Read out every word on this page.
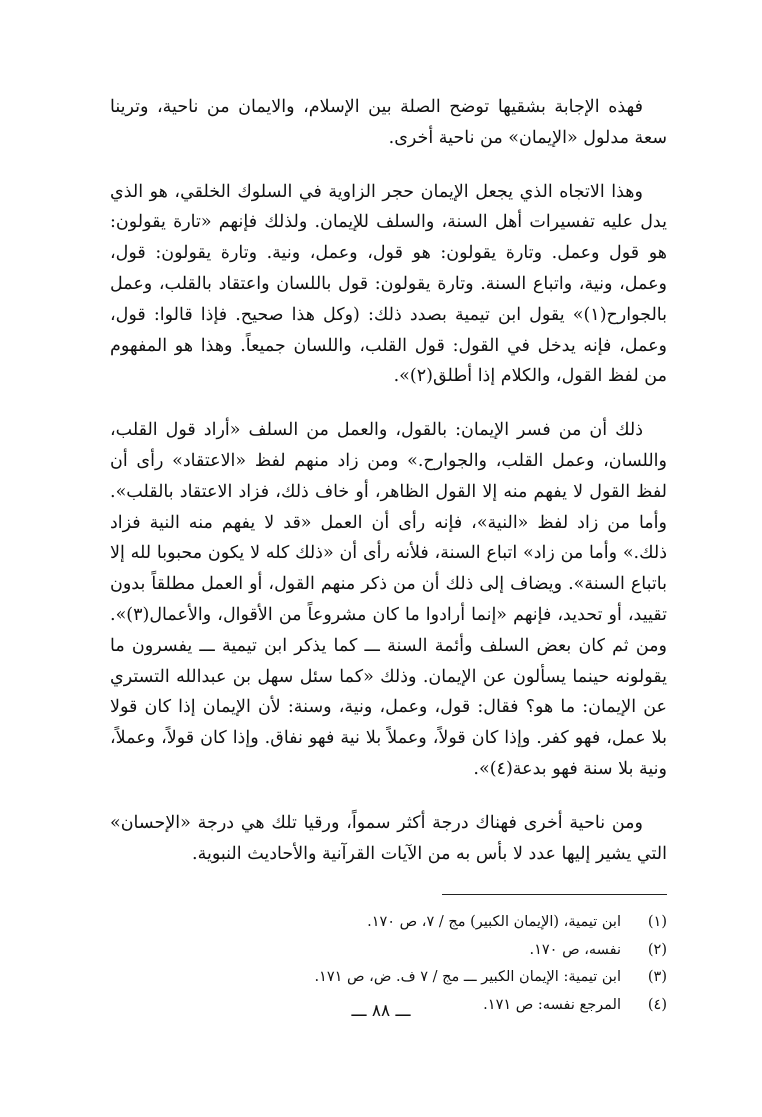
فهذه الإجابة بشقيها توضح الصلة بين الإسلام، والايمان من ناحية، وترينا سعة مدلول «الإيمان» من ناحية أخرى.

وهذا الاتجاه الذي يجعل الإيمان حجر الزاوية في السلوك الخلقي، هو الذي يدل عليه تفسيرات أهل السنة، والسلف للإيمان. ولذلك فإنهم «تارة يقولون: هو قول وعمل. وتارة يقولون: هو قول، وعمل، ونية. وتارة يقولون: قول، وعمل، ونية، واتباع السنة. وتارة يقولون: قول باللسان واعتقاد بالقلب، وعمل بالجوارح(١)» يقول ابن تيمية بصدد ذلك: (وكل هذا صحيح. فإذا قالوا: قول، وعمل، فإنه يدخل في القول: قول القلب، واللسان جميعاً. وهذا هو المفهوم من لفظ القول، والكلام إذا أطلق(٢)».

ذلك أن من فسر الإيمان: بالقول، والعمل من السلف «أراد قول القلب، واللسان، وعمل القلب، والجوارح.» ومن زاد منهم لفظ «الاعتقاد» رأى أن لفظ القول لا يفهم منه إلا القول الظاهر، أو خاف ذلك، فزاد الاعتقاد بالقلب». وأما من زاد لفظ «النية»، فإنه رأى أن العمل «قد لا يفهم منه النية فزاد ذلك.» وأما من زاد» اتباع السنة، فلأنه رأى أن «ذلك كله لا يكون محبوبا لله إلا باتباع السنة». ويضاف إلى ذلك أن من ذكر منهم القول، أو العمل مطلقاً بدون تقييد، أو تحديد، فإنهم «إنما أرادوا ما كان مشروعاً من الأقوال، والأعمال(٣)». ومن ثم كان بعض السلف وأئمة السنة ـــ كما يذكر ابن تيمية ـــ يفسرون ما يقولونه حينما يسألون عن الإيمان. وذلك «كما سئل سهل بن عبدالله التستري عن الإيمان: ما هو؟ فقال: قول، وعمل، ونية، وسنة: لأن الإيمان إذا كان قولا بلا عمل، فهو كفر. وإذا كان قولاً، وعملاً بلا نية فهو نفاق. وإذا كان قولاً، وعملاً، ونية بلا سنة فهو بدعة(٤)».

ومن ناحية أخرى فهناك درجة أكثر سمواً، ورقيا تلك هي درجة «الإحسان» التي يشير إليها عدد لا بأس به من الآيات القرآنية والأحاديث النبوية.

(١)
ابن تيمية، (الإيمان الكبير) مج / ٧، ص ١٧٠.
(٢)
نفسه، ص ١٧٠.
(٣)
ابن تيمية: الإيمان الكبير ـــ مج / ٧ ف. ض، ص ١٧١.
(٤)
المرجع نفسه: ص ١٧١.
ـــ ٨٨ ـــ
